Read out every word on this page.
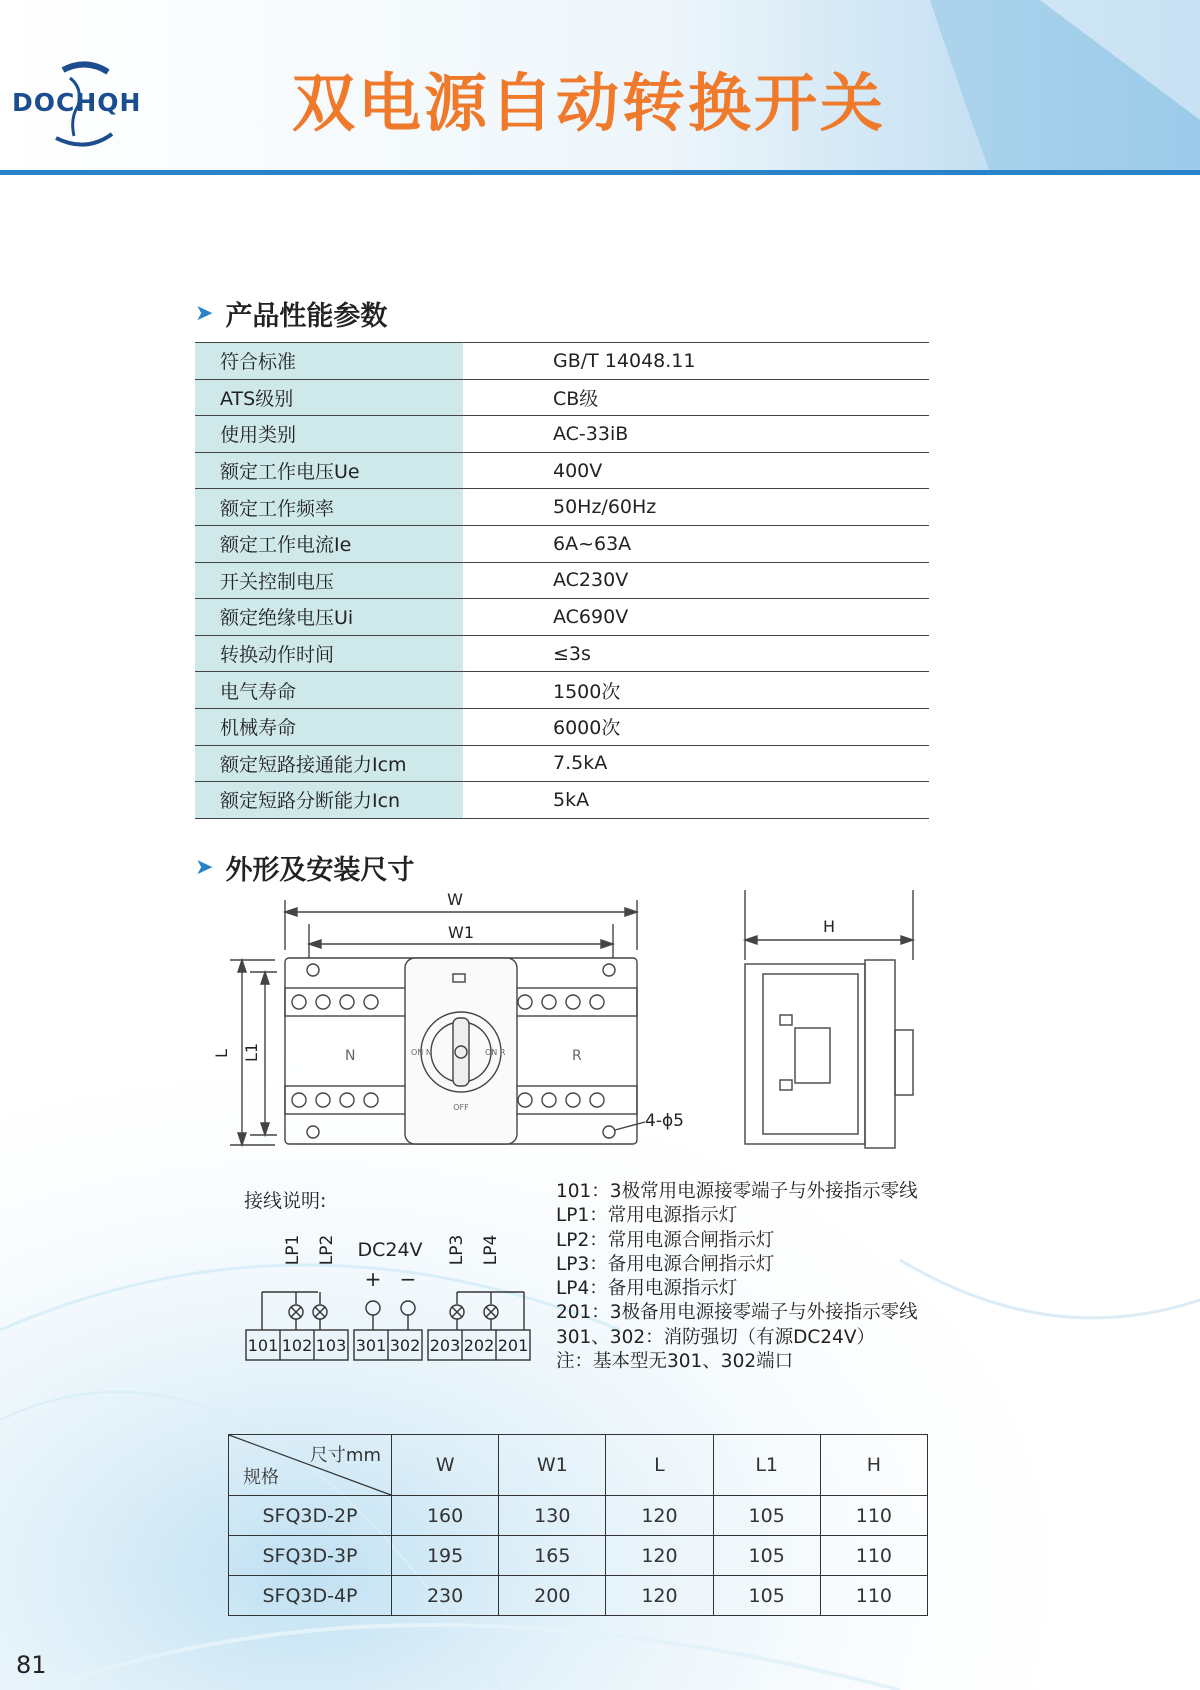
DOCHQH 双电源自动转换开关
➤ 产品性能参数
符合标准	GB/T 14048.11
ATS级别	CB级
使用类别	AC-33iB
额定工作电压Ue	400V
额定工作频率	50Hz/60Hz
额定工作电流Ie	6A~63A
开关控制电压	AC230V
额定绝缘电压Ui	AC690V
转换动作时间	≤3s
电气寿命	1500次
机械寿命	6000次
额定短路接通能力Icm	7.5kA
额定短路分断能力Icn	5kA
➤ 外形及安装尺寸
W
W1
L L1
H
4-ϕ5
N	R
ON N	ON R
OFF
接线说明:
LP1 LP2 DC24V LP3 LP4
+ −
101 102 103 301 302 203 202 201
101：3极常用电源接零端子与外接指示零线
LP1：常用电源指示灯
LP2：常用电源合闸指示灯
LP3：备用电源合闸指示灯
LP4：备用电源指示灯
201：3极备用电源接零端子与外接指示零线
301、302：消防强切（有源DC24V）
注：基本型无301、302端口
尺寸mm
规格	W	W1	L	L1	H
SFQ3D-2P	160	130	120	105	110
SFQ3D-3P	195	165	120	105	110
SFQ3D-4P	230	200	120	105	110
81
